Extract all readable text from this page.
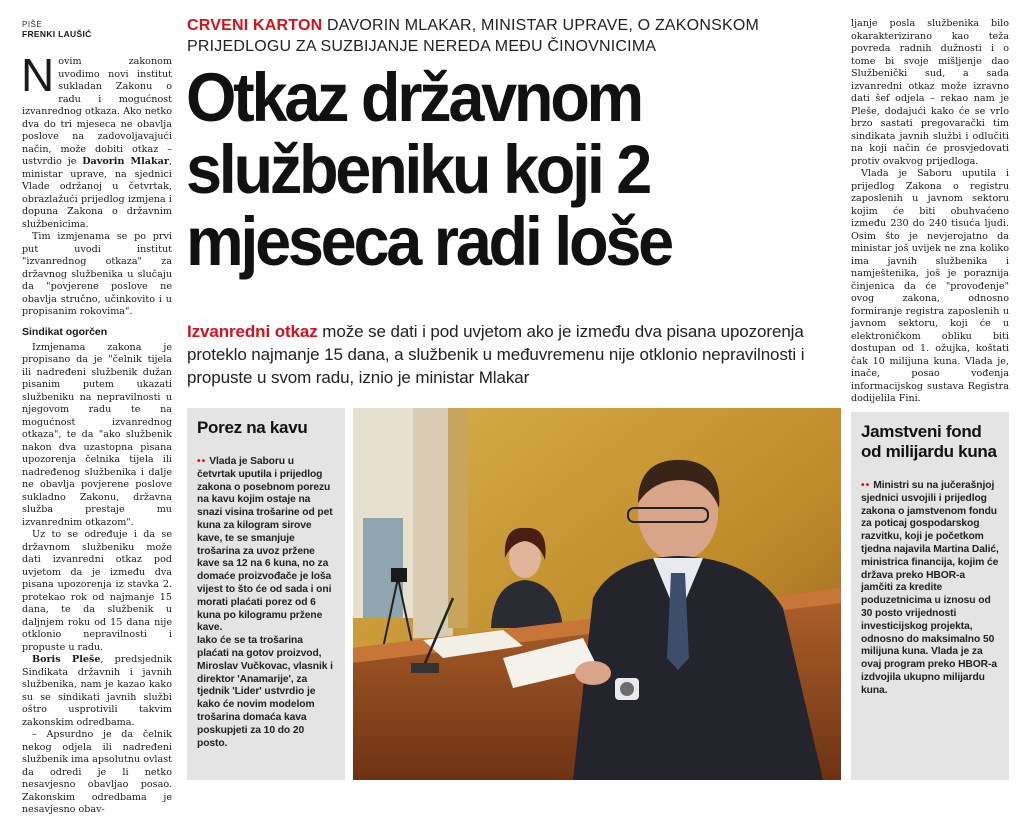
PIŠE
FRENKI LAUŠIĆ	CRVENI KARTON DAVORIN MLAKAR, MINISTAR UPRAVE, O ZAKONSKOM PRIJEDLOGU ZA SUZBIJANJE NEREDA MEĐU ČINOVNICIMA
Otkaz državnom
službeniku koji 2
mjeseca radi loše

Novim zakonom uvodimo novi institut sukladan Zakonu o radu i mogućnost izvanrednog otkaza. Ako netko dva do tri mjeseca ne obavlja poslove na zadovoljavajući način, može dobiti otkaz – ustvrdio je Davorin Mlakar, ministar uprave, na sjednici Vlade održanoj u četvrtak, obrazlažući prijedlog izmjena i dopuna Zakona o državnim službenicima.

Tim izmjenama se po prvi put uvodi institut "izvanrednog otkaza" za državnog službenika u slučaju da "povjerene poslove ne obavlja stručno, učinkovito i u propisanim rokovima".

Sindikat ogorčen

Izmjenama zakona je propisano da je "čelnik tijela ili nadređeni službenik dužan pisanim putem ukazati službeniku na nepravilnosti u njegovom radu te na mogućnost izvanrednog otkaza", te da "ako službenik nakon dva uzastopna pisana upozorenja čelnika tijela ili nadređenog službenika i dalje ne obavlja povjerene poslove sukladno Zakonu, državna služba prestaje mu izvanrednim otkazom".

Uz to se određuje i da se državnom službeniku može dati izvanredni otkaz pod uvjetom da je između dva pisana upozorenja iz stavka 2. protekao rok od najmanje 15 dana, te da službenik u daljnjem roku od 15 dana nije otklonio nepravilnosti i propuste u radu.

Boris Pleše, predsjednik Sindikata državnih i javnih službenika, nam je kazao kako su se sindikati javnih službi oštro usprotivili takvim zakonskim odredbama.

– Apsurdno je da čelnik nekog odjela ili nadređeni službenik ima apsolutnu ovlast da odredi je li netko nesavjesno obavljao posao. Zakonskim odredbama je nesavjesno obav-

ljanje posla službenika bilo okarakterizirano kao teža povreda radnih dužnosti i o tome bi svoje mišljenje dao Službenički sud, a sada izvanredni otkaz može izravno dati šef odjela – rekao nam je Pleše, dodajući kako će se vrlo brzo sastati pregovarački tim sindikata javnih službi i odlučiti na koji način će prosvjedovati protiv ovakvog prijedloga.

Vlada je Saboru uputila i prijedlog Zakona o registru zaposlenih u javnom sektoru kojim će biti obuhvaćeno između 230 do 240 tisuća ljudi. Osim što je nevjerojatno da ministar još uvijek ne zna koliko ima javnih službenika i namještenika, još je poraznija činjenica da će "provođenje" ovog zakona, odnosno formiranje registra zaposlenih u javnom sektoru, koji će u elektroničkom obliku biti dostupan od 1. ožujka, koštati čak 10 milijuna kuna. Vlada je, inače, posao vođenja informacijskog sustava Registra dodijelila Fini.

Izvanredni otkaz može se dati i pod uvjetom ako je između dva pisana upozorenja proteklo najmanje 15 dana, a službenik u međuvremenu nije otklonio nepravilnosti i propuste u svom radu, iznio je ministar Mlakar
Porez na kavu
•• Vlada je Saboru u četvrtak uputila i prijedlog zakona o posebnom porezu na kavu kojim ostaje na snazi visina trošarine od pet kuna za kilogram sirove kave, te se smanjuje trošarina za uvoz pržene kave sa 12 na 6 kuna, no za domaće proizvođače je loša vijest to što će od sada i oni morati plaćati porez od 6 kuna po kilogramu pržene kave.
Iako će se ta trošarina plaćati na gotov proizvod, Miroslav Vučkovac, vlasnik i direktor 'Anamarije', za tjednik 'Lider' ustvrdio je kako će novim modelom trošarina domaća kava poskupjeti za 10 do 20 posto.
Jamstveni fond od milijardu kuna
•• Ministri su na jučerašnjoj sjednici usvojili i prijedlog zakona o jamstvenom fondu za poticaj gospodarskog razvitku, koji je početkom tjedna najavila Martina Dalić, ministrica financija, kojim će država preko HBOR-a jamčiti za kredite poduzetnicima u iznosu od 30 posto vrijednosti investicijskog projekta, odnosno do maksimalno 50 milijuna kuna. Vlada je za ovaj program preko HBOR-a izdvojila ukupno milijardu kuna.
